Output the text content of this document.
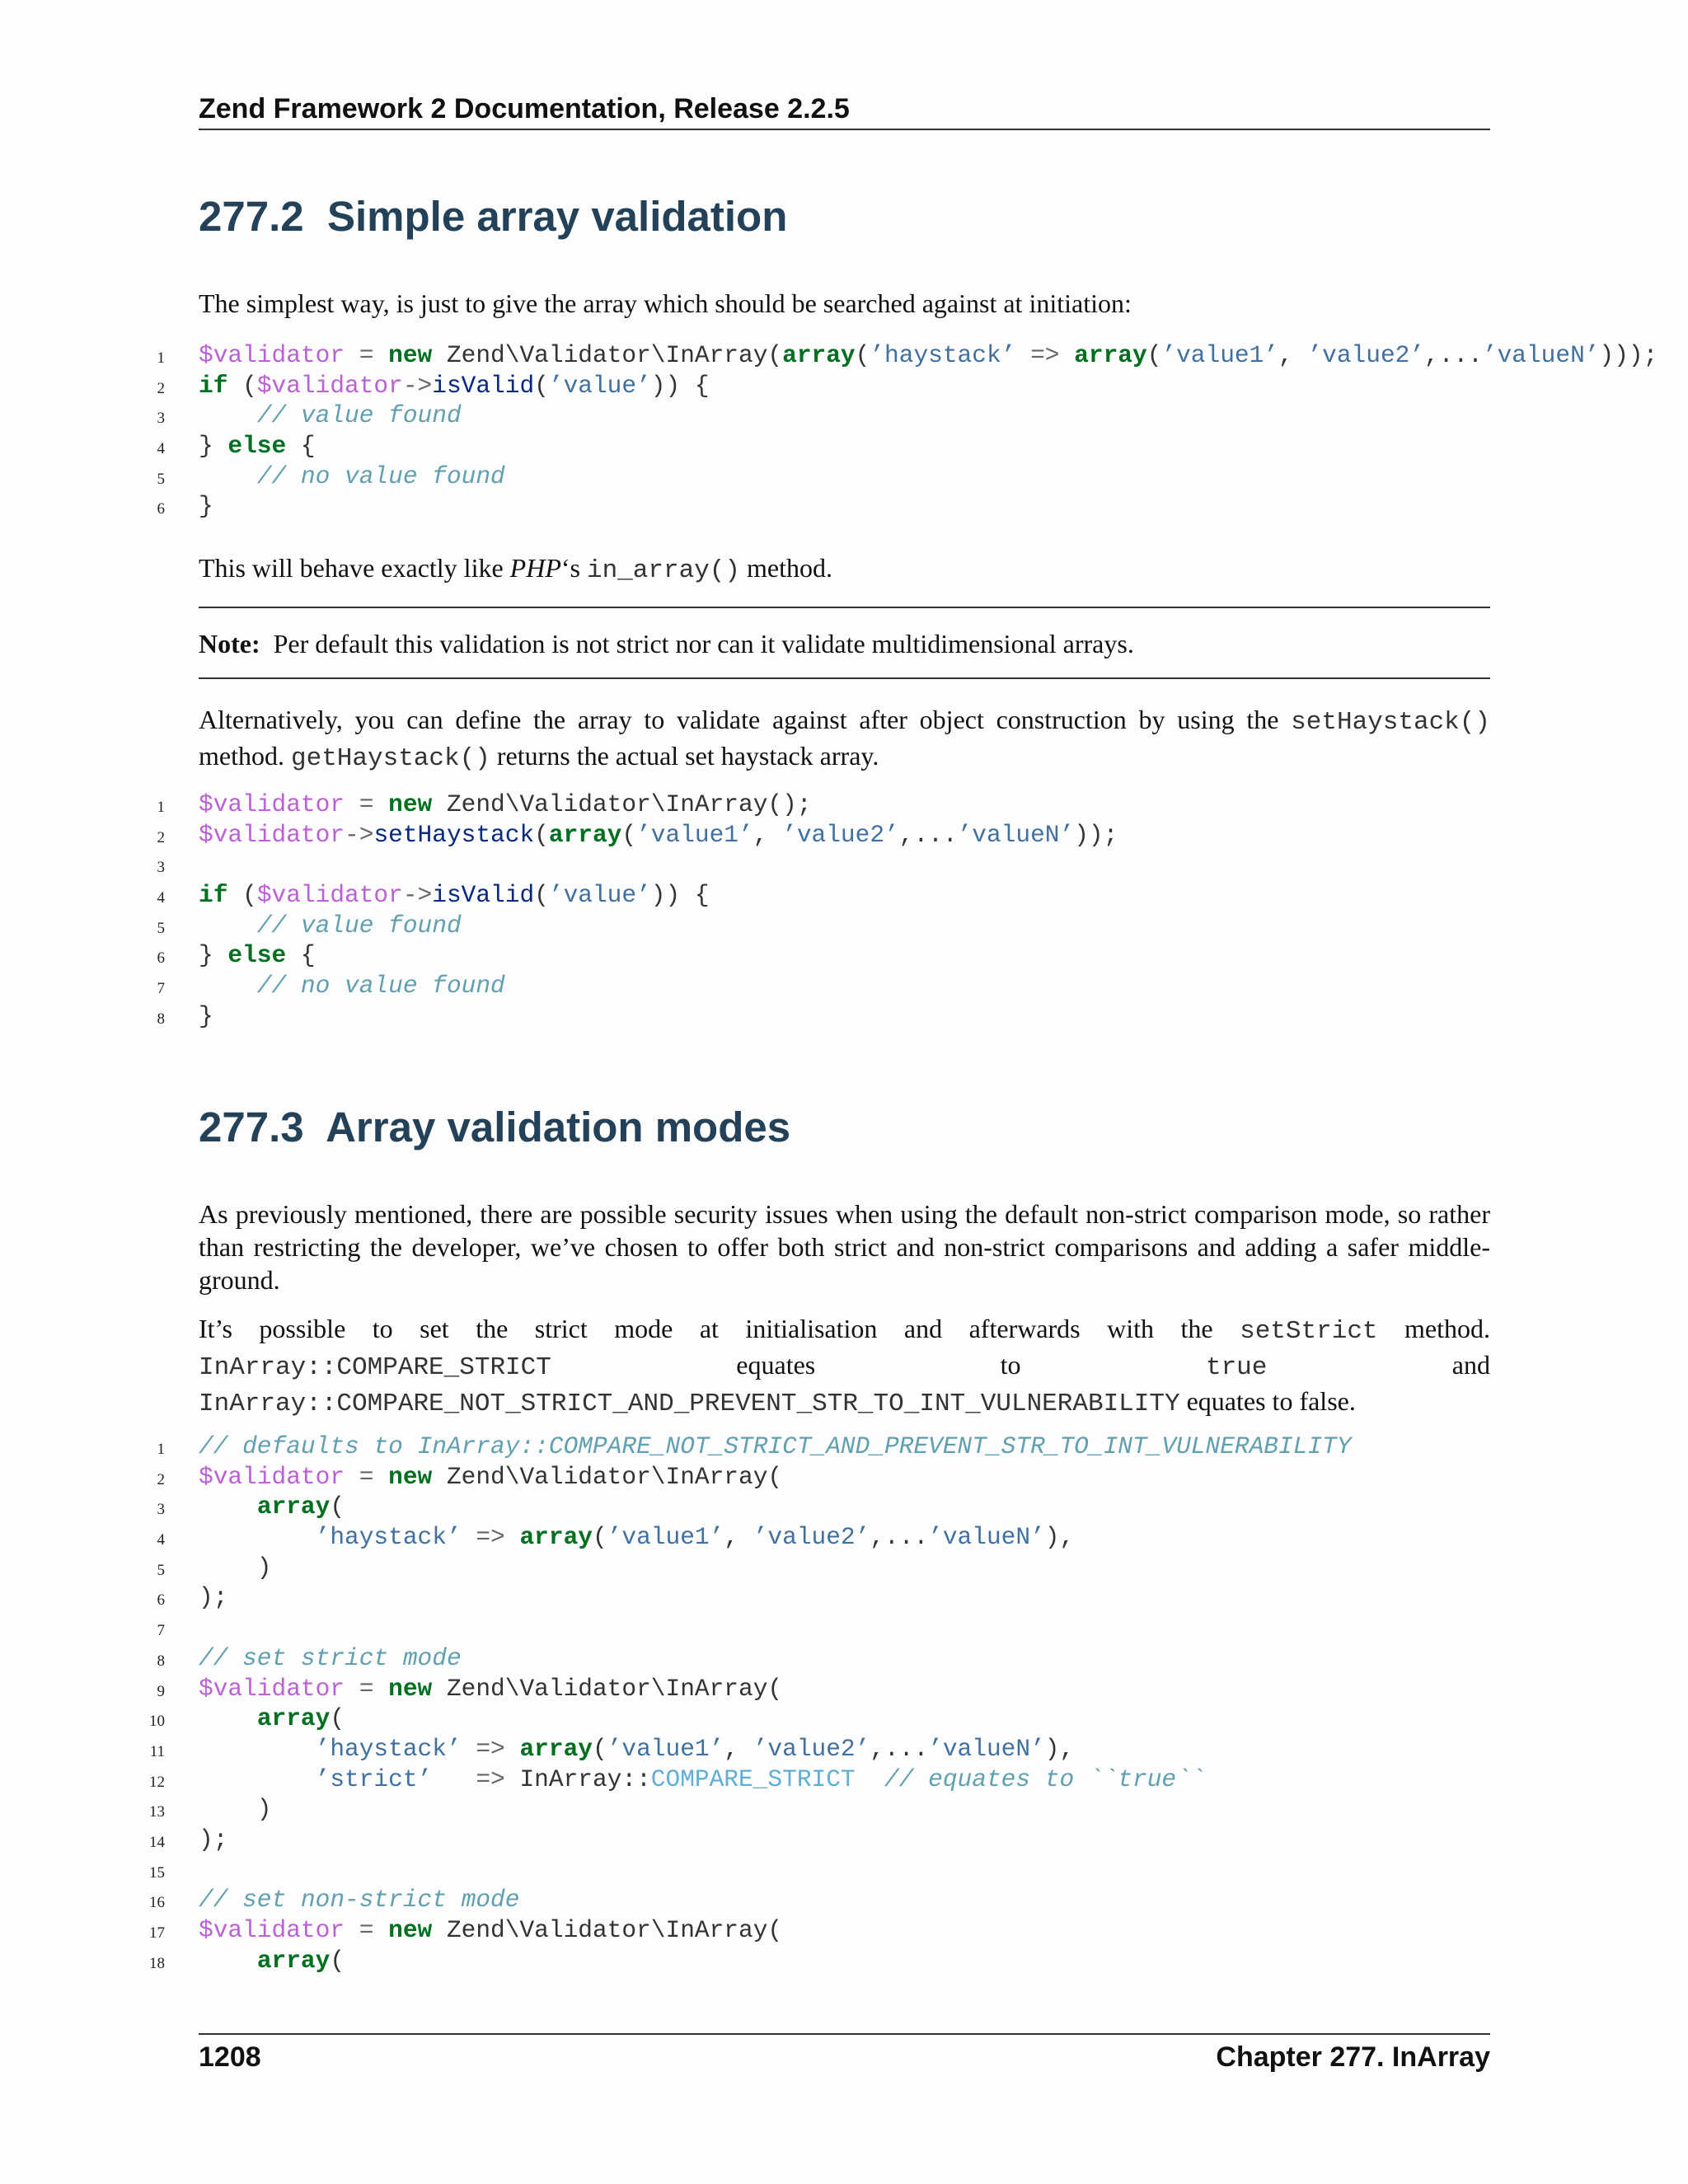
Zend Framework 2 Documentation, Release 2.2.5
277.2 Simple array validation
The simplest way, is just to give the array which should be searched against at initiation:
1 $validator = new Zend\Validator\InArray(array(’haystack’ => array(’value1’, ’value2’,...’valueN’)));
2 if ($validator->isValid(’value’)) {
3	// value found
4 } else {
5	// no value found
6 }
This will behave exactly like PHP‘s in_array() method.
Note: Per default this validation is not strict nor can it validate multidimensional arrays.
Alternatively, you can define the array to validate against after object construction by using the setHaystack() method. getHaystack() returns the actual set haystack array.
1 $validator = new Zend\Validator\InArray();
2 $validator->setHaystack(array(’value1’, ’value2’,...’valueN’));
3
4 if ($validator->isValid(’value’)) {
5	// value found
6 } else {
7	// no value found
8 }
277.3 Array validation modes
As previously mentioned, there are possible security issues when using the default non-strict comparison mode, so rather than restricting the developer, we’ve chosen to offer both strict and non-strict comparisons and adding a safer middle-ground.
It’s possible to set the strict mode at initialisation and afterwards with the setStrict method. InArray::COMPARE_STRICT equates to true and InArray::COMPARE_NOT_STRICT_AND_PREVENT_STR_TO_INT_VULNERABILITY equates to false.
1 // defaults to InArray::COMPARE_NOT_STRICT_AND_PREVENT_STR_TO_INT_VULNERABILITY
2 $validator = new Zend\Validator\InArray(
3	array(
4	’haystack’ => array(’value1’, ’value2’,...’valueN’),
5 )
6 );
7
8 // set strict mode
9 $validator = new Zend\Validator\InArray(
10	array(
11	’haystack’ => array(’value1’, ’value2’,...’valueN’),
12	’strict’ => InArray::COMPARE_STRICT // equates to ``true``
13 )
14 );
15
16 // set non-strict mode
17 $validator = new Zend\Validator\InArray(
18	array(
1208	Chapter 277. InArray
